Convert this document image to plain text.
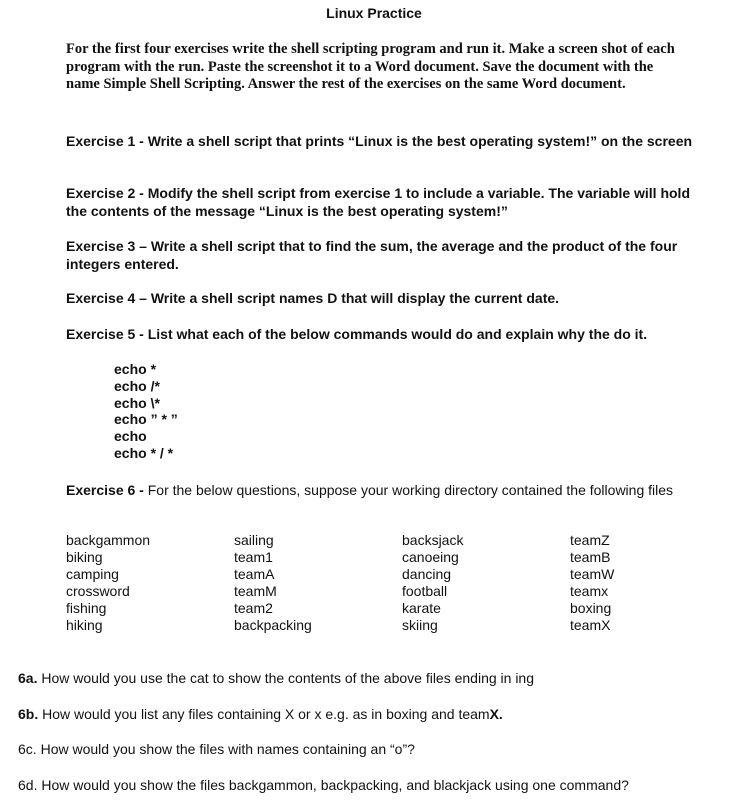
Linux Practice
For the first four exercises write the shell scripting program and run it. Make a screen shot of each program with the run. Paste the screenshot it to a Word document. Save the document with the name Simple Shell Scripting. Answer the rest of the exercises on the same Word document.
Exercise 1 - Write a shell script that prints “Linux is the best operating system!” on the screen
Exercise 2 - Modify the shell script from exercise 1 to include a variable. The variable will hold the contents of the message “Linux is the best operating system!”
Exercise 3 – Write a shell script that to find the sum, the average and the product of the four integers entered.
Exercise 4 – Write a shell script names D that will display the current date.
Exercise 5 - List what each of the below commands would do and explain why the do it.
echo *
echo /*
echo \*
echo ” * ”
echo
echo * / *
Exercise 6 - For the below questions, suppose your working directory contained the following files
backgammon
biking
camping
crossword
fishing
hiking
sailing
team1
teamA
teamM
team2
backpacking
backsjack
canoeing
dancing
football
karate
skiing
teamZ
teamB
teamW
teamx
boxing
teamX
6a. How would you use the cat to show the contents of the above files ending in ing
6b. How would you list any files containing X or x e.g. as in boxing and teamX.
6c. How would you show the files with names containing an “o”?
6d. How would you show the files backgammon, backpacking, and blackjack using one command?
